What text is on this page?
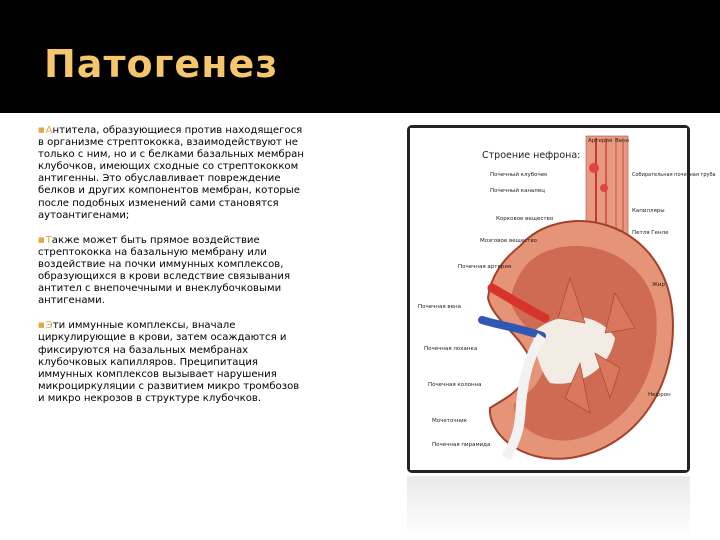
Патогенез

■Антитела, образующиеся против находящегося в организме стрептококка, взаимодействуют не только с ним, но и с белками базальных мембран клубочков, имеющих сходные со стрептококком антигенны. Это обуславливает повреждение белков и других компонентов мембран, которые после подобных изменений сами становятся аутоантигенами;

■Также может быть прямое воздействие стрептококка на базальную мембрану или воздействие на почки иммунных комплексов, образующихся в крови вследствие связывания антител с внепочечными и внеклубочковыми антигенами.

■Эти иммунные комплексы, вначале циркулирующие в крови, затем осаждаются и фиксируются на базальных мембранах клубочковых капилляров. Преципитация иммунных комплексов вызывает нарушения микроциркуляции с развитием микро тромбозов и микро некрозов в структуре клубочков.

Строение нефрона:
Артерия Вена
Почечный клубочек
Почечный каналец
Собирательная почечная труба
Корковое вещество
Мозговое вещество
Почечная артерия
Почечная вена
Почечная лоханка
Почечная колонна
Мочеточник
Почечная пирамида
Капилляры
Петля Генле
Жир
Нефрон
